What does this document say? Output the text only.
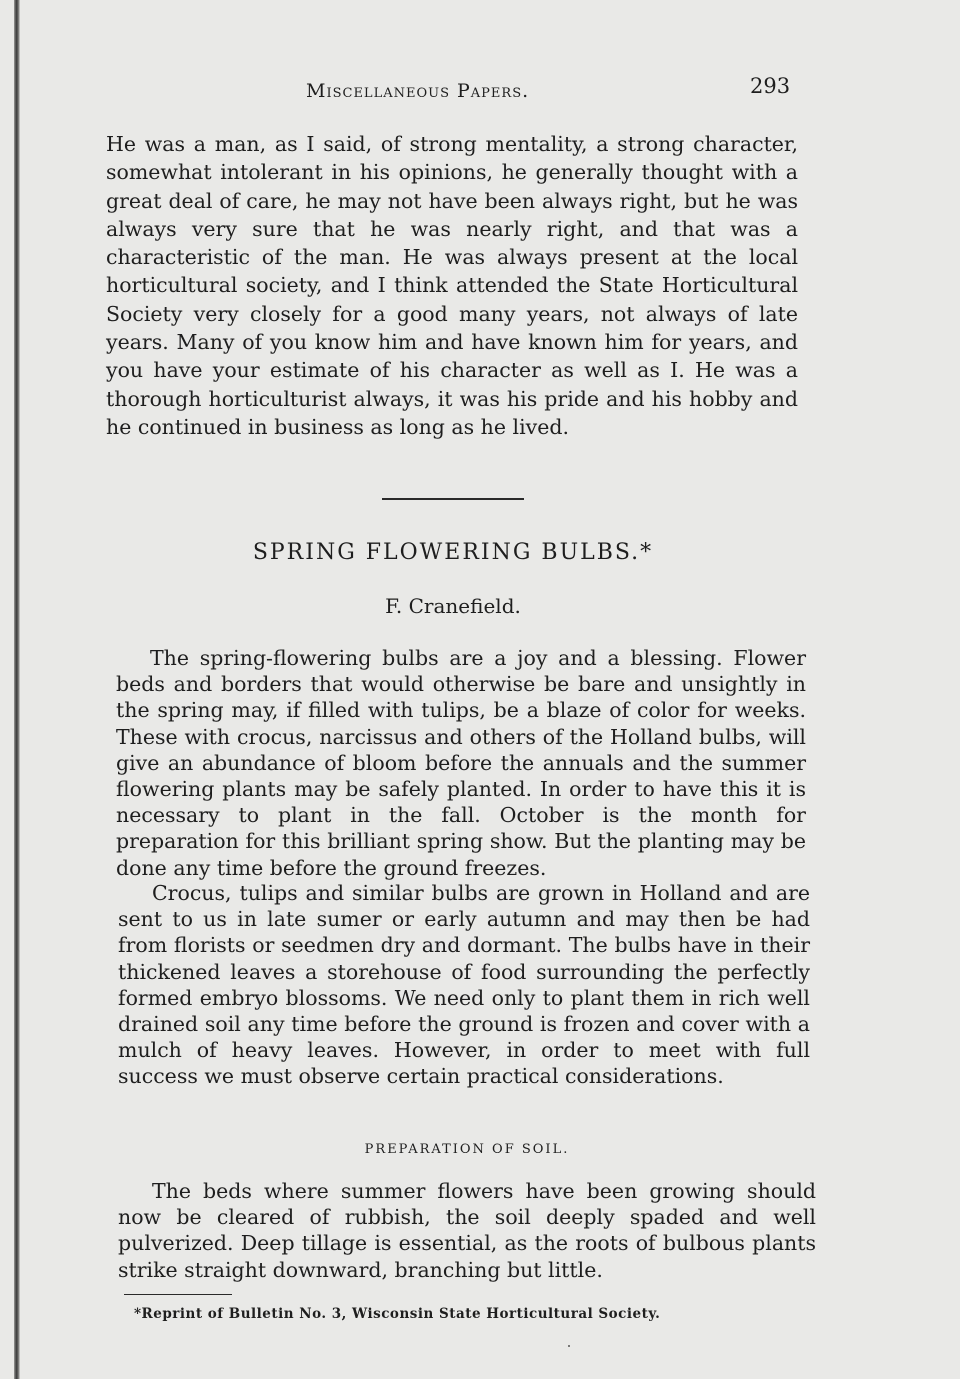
Miscellaneous Papers.	293

He was a man, as I said, of strong mentality, a strong character, somewhat intolerant in his opinions, he generally thought with a great deal of care, he may not have been always right, but he was always very sure that he was nearly right, and that was a characteristic of the man. He was always present at the local horticultural society, and I think attended the State Horticultural Society very closely for a good many years, not always of late years. Many of you know him and have known him for years, and you have your estimate of his character as well as I. He was a thorough horticulturist always, it was his pride and his hobby and he continued in business as long as he lived.

SPRING FLOWERING BULBS.*
F. Cranefield.

The spring-flowering bulbs are a joy and a blessing. Flower beds and borders that would otherwise be bare and unsightly in the spring may, if filled with tulips, be a blaze of color for weeks. These with crocus, narcissus and others of the Holland bulbs, will give an abundance of bloom before the annuals and the summer flowering plants may be safely planted. In order to have this it is necessary to plant in the fall. October is the month for preparation for this brilliant spring show. But the planting may be done any time before the ground freezes.

Crocus, tulips and similar bulbs are grown in Holland and are sent to us in late sumer or early autumn and may then be had from florists or seedmen dry and dormant. The bulbs have in their thickened leaves a storehouse of food surrounding the perfectly formed embryo blossoms. We need only to plant them in rich well drained soil any time before the ground is frozen and cover with a mulch of heavy leaves. However, in order to meet with full success we must observe certain practical considerations.

PREPARATION OF SOIL.

The beds where summer flowers have been growing should now be cleared of rubbish, the soil deeply spaded and well pulverized. Deep tillage is essential, as the roots of bulbous plants strike straight downward, branching but little.

*Reprint of Bulletin No. 3, Wisconsin State Horticultural Society.
